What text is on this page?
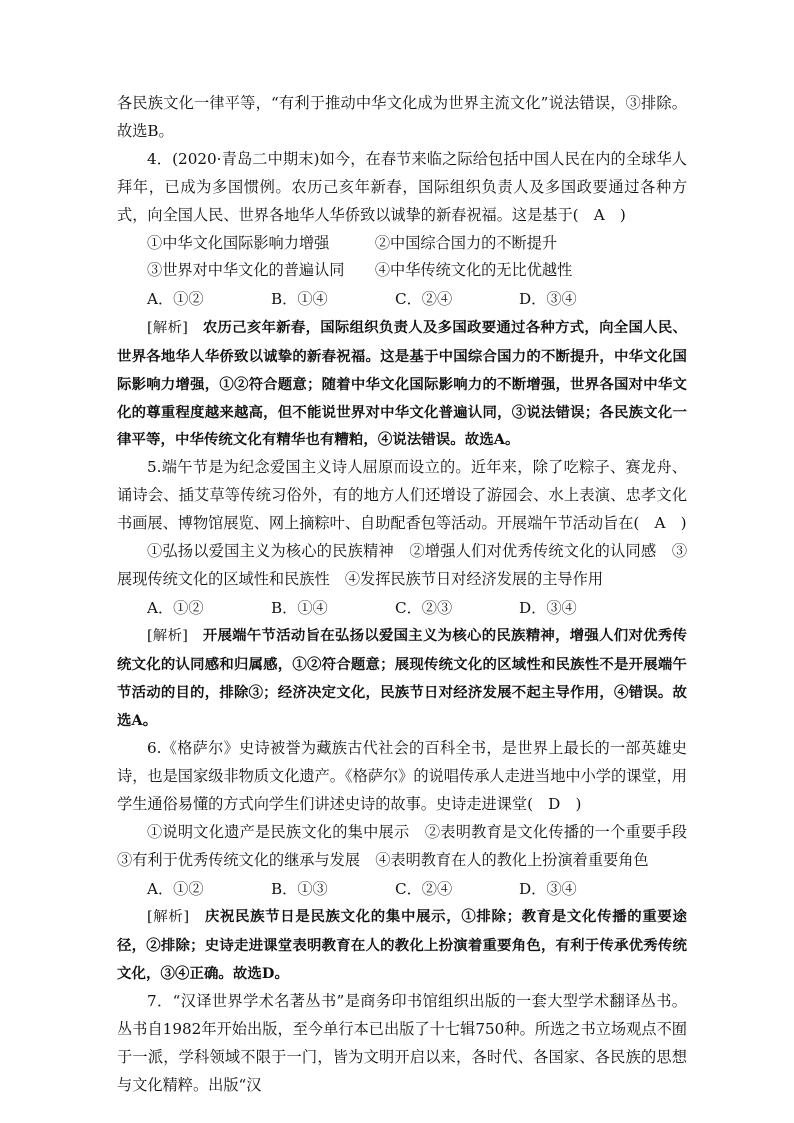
各民族文化一律平等，“有利于推动中华文化成为世界主流文化”说法错误，③排除。故选B。

4．(2020·青岛二中期末)如今，在春节来临之际给包括中国人民在内的全球华人拜年，已成为多国惯例。农历己亥年新春，国际组织负责人及多国政要通过各种方式，向全国人民、世界各地华人华侨致以诚挚的新春祝福。这是基于(　A　)

①中华文化国际影响力增强　　　②中国综合国力的不断提升

③世界对中华文化的普遍认同　　④中华传统文化的无比优越性

A．①②	B．①④	C．②④	D．③④

[解析]　农历己亥年新春，国际组织负责人及多国政要通过各种方式，向全国人民、世界各地华人华侨致以诚挚的新春祝福。这是基于中国综合国力的不断提升，中华文化国际影响力增强，①②符合题意；随着中华文化国际影响力的不断增强，世界各国对中华文化的尊重程度越来越高，但不能说世界对中华文化普遍认同，③说法错误；各民族文化一律平等，中华传统文化有精华也有糟粕，④说法错误。故选A。

5.端午节是为纪念爱国主义诗人屈原而设立的。近年来，除了吃粽子、赛龙舟、诵诗会、插艾草等传统习俗外，有的地方人们还增设了游园会、水上表演、忠孝文化书画展、博物馆展览、网上摘粽叶、自助配香包等活动。开展端午节活动旨在(　A　)

①弘扬以爱国主义为核心的民族精神　②增强人们对优秀传统文化的认同感　③展现传统文化的区域性和民族性　④发挥民族节日对经济发展的主导作用

A．①②	B．①④	C．②③	D．③④

[解析]　开展端午节活动旨在弘扬以爱国主义为核心的民族精神，增强人们对优秀传统文化的认同感和归属感，①②符合题意；展现传统文化的区域性和民族性不是开展端午节活动的目的，排除③；经济决定文化，民族节日对经济发展不起主导作用，④错误。故选A。

6.《格萨尔》史诗被誉为藏族古代社会的百科全书，是世界上最长的一部英雄史诗，也是国家级非物质文化遗产。《格萨尔》的说唱传承人走进当地中小学的课堂，用学生通俗易懂的方式向学生们讲述史诗的故事。史诗走进课堂(　D　)

①说明文化遗产是民族文化的集中展示　②表明教育是文化传播的一个重要手段　③有利于优秀传统文化的继承与发展　④表明教育在人的教化上扮演着重要角色

A．①②	B．①③	C．②④	D．③④

[解析]　庆祝民族节日是民族文化的集中展示，①排除；教育是文化传播的重要途径，②排除；史诗走进课堂表明教育在人的教化上扮演着重要角色，有利于传承优秀传统文化，③④正确。故选D。

7．“汉译世界学术名著丛书”是商务印书馆组织出版的一套大型学术翻译丛书。丛书自1982年开始出版，至今单行本已出版了十七辑750种。所选之书立场观点不囿于一派，学科领域不限于一门，皆为文明开启以来，各时代、各国家、各民族的思想与文化精粹。出版“汉
